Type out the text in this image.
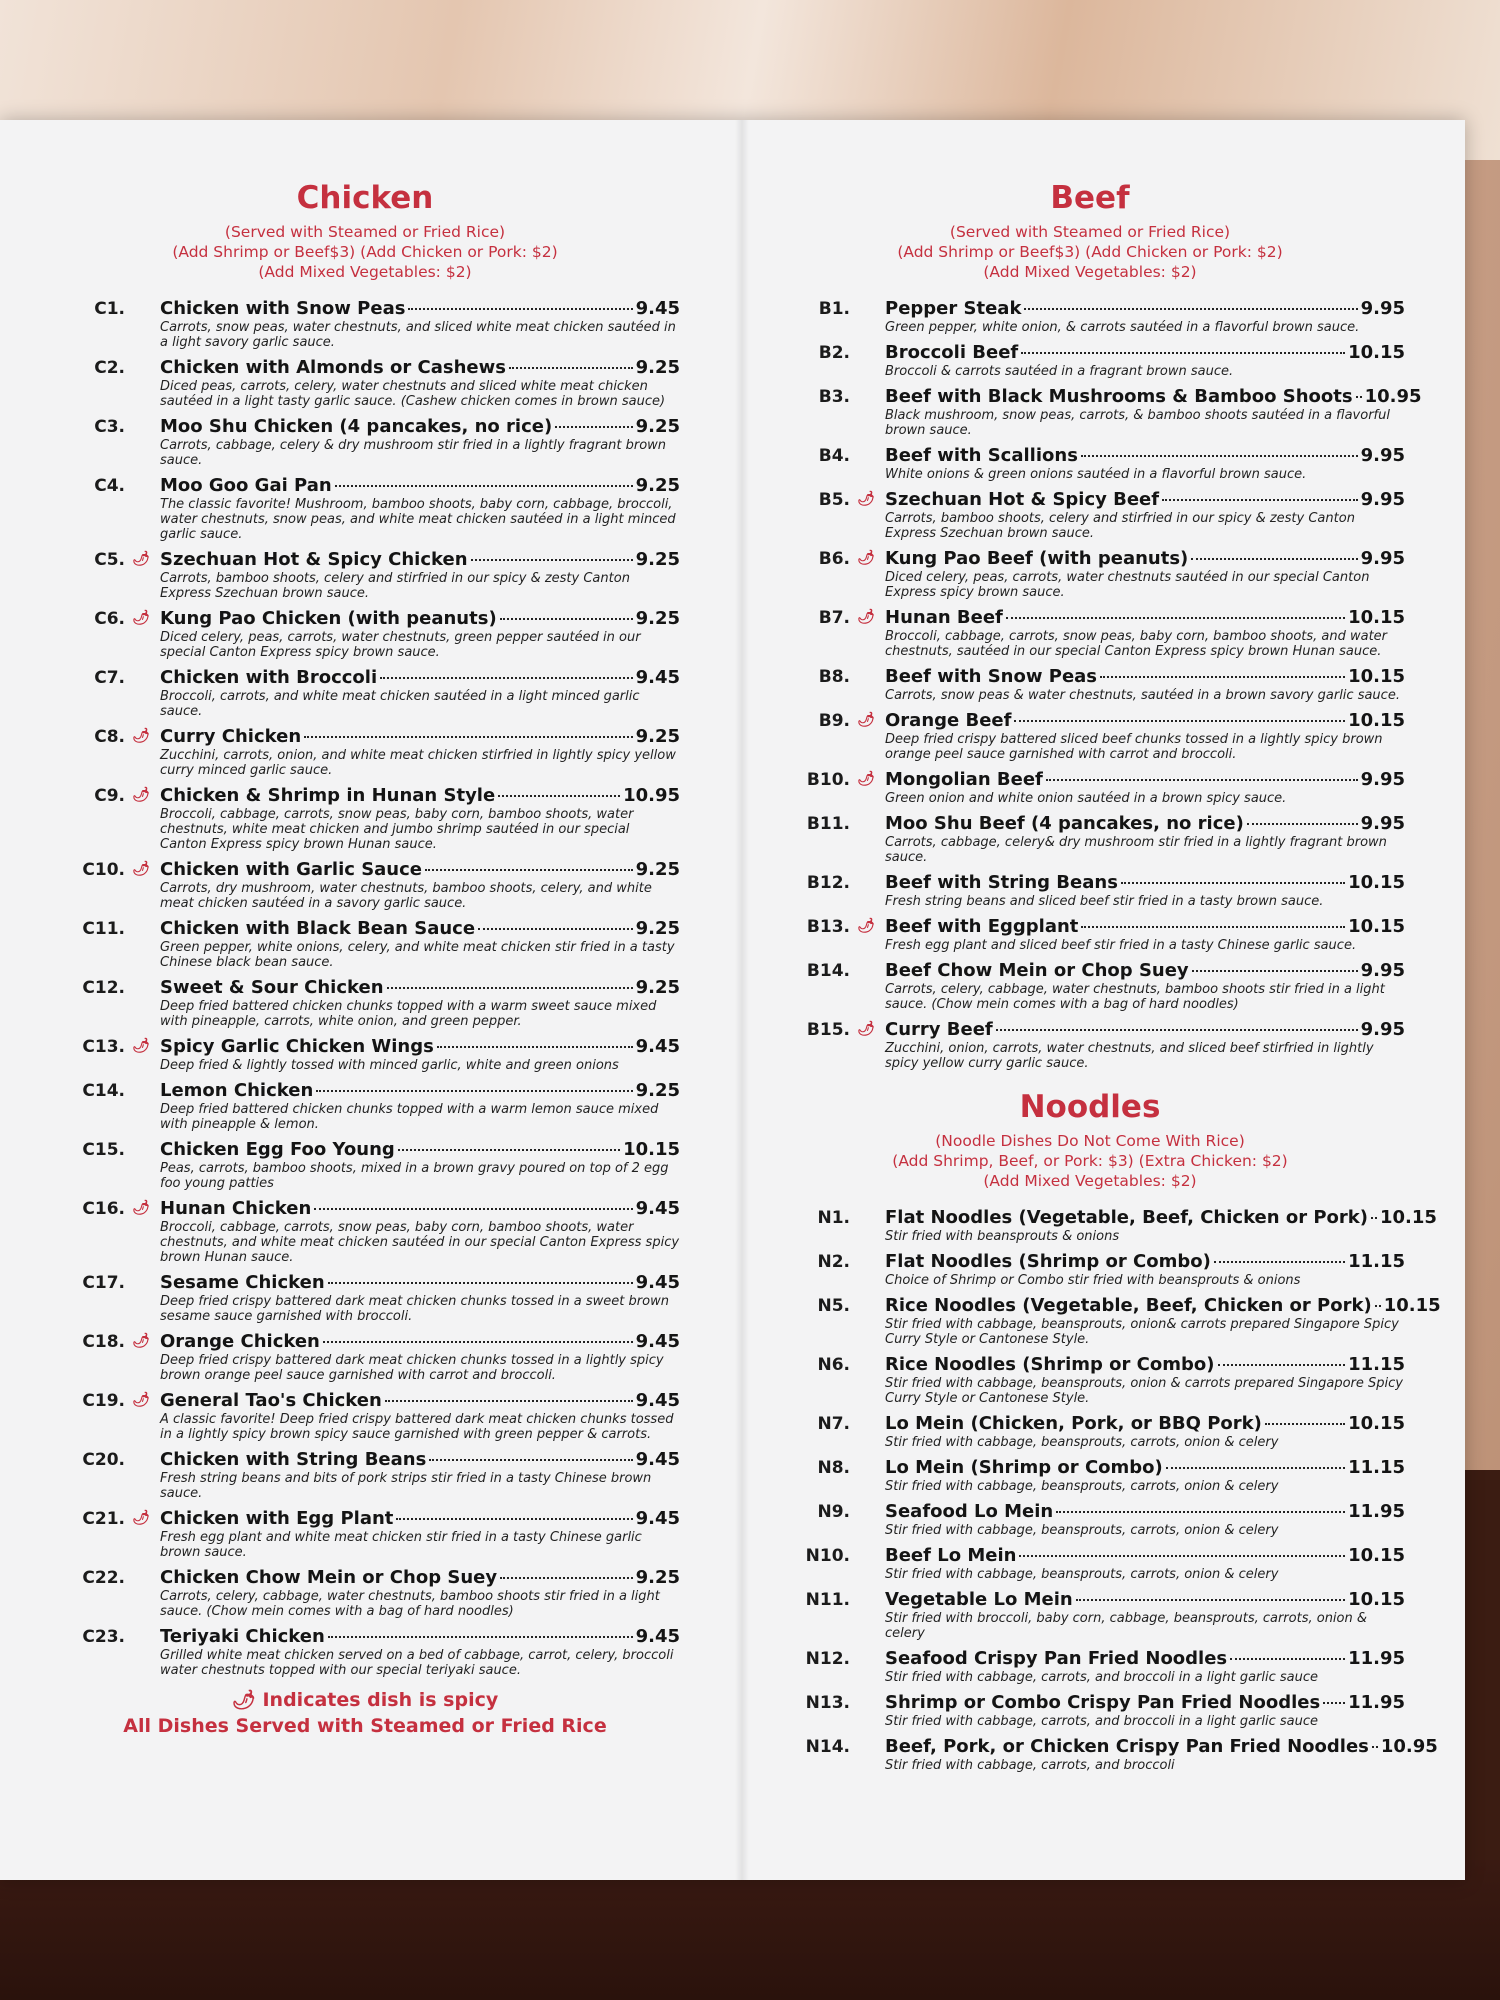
Chicken
(Served with Steamed or Fried Rice)
(Add Shrimp or Beef$3) (Add Chicken or Pork: $2)
(Add Mixed Vegetables: $2)
C1. Chicken with Snow Peas	9.45
Carrots, snow peas, water chestnuts, and sliced white meat chicken sautéed in a light savory garlic sauce.
C2. Chicken with Almonds or Cashews	9.25
Diced peas, carrots, celery, water chestnuts and sliced white meat chicken sautéed in a light tasty garlic sauce. (Cashew chicken comes in brown sauce)
C3. Moo Shu Chicken (4 pancakes, no rice)	9.25
Carrots, cabbage, celery & dry mushroom stir fried in a lightly fragrant brown sauce.
C4. Moo Goo Gai Pan	9.25
The classic favorite! Mushroom, bamboo shoots, baby corn, cabbage, broccoli, water chestnuts, snow peas, and white meat chicken sautéed in a light minced garlic sauce.
C5. 🌶 Szechuan Hot & Spicy Chicken	9.25
Carrots, bamboo shoots, celery and stirfried in our spicy & zesty Canton Express Szechuan brown sauce.
C6. 🌶 Kung Pao Chicken (with peanuts)	9.25
Diced celery, peas, carrots, water chestnuts, green pepper sautéed in our special Canton Express spicy brown sauce.
C7. Chicken with Broccoli	9.45
Broccoli, carrots, and white meat chicken sautéed in a light minced garlic sauce.
C8. 🌶 Curry Chicken	9.25
Zucchini, carrots, onion, and white meat chicken stirfried in lightly spicy yellow curry minced garlic sauce.
C9. 🌶 Chicken & Shrimp in Hunan Style	10.95
Broccoli, cabbage, carrots, snow peas, baby corn, bamboo shoots, water chestnuts, white meat chicken and jumbo shrimp sautéed in our special Canton Express spicy brown Hunan sauce.
C10. 🌶 Chicken with Garlic Sauce	9.25
Carrots, dry mushroom, water chestnuts, bamboo shoots, celery, and white meat chicken sautéed in a savory garlic sauce.
C11. Chicken with Black Bean Sauce	9.25
Green pepper, white onions, celery, and white meat chicken stir fried in a tasty Chinese black bean sauce.
C12. Sweet & Sour Chicken	9.25
Deep fried battered chicken chunks topped with a warm sweet sauce mixed with pineapple, carrots, white onion, and green pepper.
C13. 🌶 Spicy Garlic Chicken Wings	9.45
Deep fried & lightly tossed with minced garlic, white and green onions
C14. Lemon Chicken	9.25
Deep fried battered chicken chunks topped with a warm lemon sauce mixed with pineapple & lemon.
C15. Chicken Egg Foo Young	10.15
Peas, carrots, bamboo shoots, mixed in a brown gravy poured on top of 2 egg foo young patties
C16. 🌶 Hunan Chicken	9.45
Broccoli, cabbage, carrots, snow peas, baby corn, bamboo shoots, water chestnuts, and white meat chicken sautéed in our special Canton Express spicy brown Hunan sauce.
C17. Sesame Chicken	9.45
Deep fried crispy battered dark meat chicken chunks tossed in a sweet brown sesame sauce garnished with broccoli.
C18. 🌶 Orange Chicken	9.45
Deep fried crispy battered dark meat chicken chunks tossed in a lightly spicy brown orange peel sauce garnished with carrot and broccoli.
C19. 🌶 General Tao's Chicken	9.45
A classic favorite! Deep fried crispy battered dark meat chicken chunks tossed in a lightly spicy brown spicy sauce garnished with green pepper & carrots.
C20. Chicken with String Beans	9.45
Fresh string beans and bits of pork strips stir fried in a tasty Chinese brown sauce.
C21. 🌶 Chicken with Egg Plant	9.45
Fresh egg plant and white meat chicken stir fried in a tasty Chinese garlic brown sauce.
C22. Chicken Chow Mein or Chop Suey	9.25
Carrots, celery, cabbage, water chestnuts, bamboo shoots stir fried in a light sauce. (Chow mein comes with a bag of hard noodles)
C23. Teriyaki Chicken	9.45
Grilled white meat chicken served on a bed of cabbage, carrot, celery, broccoli water chestnuts topped with our special teriyaki sauce.
🌶 Indicates dish is spicy
All Dishes Served with Steamed or Fried Rice
Beef
(Served with Steamed or Fried Rice)
(Add Shrimp or Beef$3) (Add Chicken or Pork: $2)
(Add Mixed Vegetables: $2)
B1. Pepper Steak	9.95
Green pepper, white onion, & carrots sautéed in a flavorful brown sauce.
B2. Broccoli Beef	10.15
Broccoli & carrots sautéed in a fragrant brown sauce.
B3. Beef with Black Mushrooms & Bamboo Shoots 10.95
Black mushroom, snow peas, carrots, & bamboo shoots sautéed in a flavorful brown sauce.
B4. Beef with Scallions	9.95
White onions & green onions sautéed in a flavorful brown sauce.
B5. 🌶 Szechuan Hot & Spicy Beef	9.95
Carrots, bamboo shoots, celery and stirfried in our spicy & zesty Canton Express Szechuan brown sauce.
B6. 🌶 Kung Pao Beef (with peanuts)	9.95
Diced celery, peas, carrots, water chestnuts sautéed in our special Canton Express spicy brown sauce.
B7. 🌶 Hunan Beef	10.15
Broccoli, cabbage, carrots, snow peas, baby corn, bamboo shoots, and water chestnuts, sautéed in our special Canton Express spicy brown Hunan sauce.
B8. Beef with Snow Peas	10.15
Carrots, snow peas & water chestnuts, sautéed in a brown savory garlic sauce.
B9. 🌶 Orange Beef	10.15
Deep fried crispy battered sliced beef chunks tossed in a lightly spicy brown orange peel sauce garnished with carrot and broccoli.
B10. 🌶 Mongolian Beef	9.95
Green onion and white onion sautéed in a brown spicy sauce.
B11. Moo Shu Beef (4 pancakes, no rice)	9.95
Carrots, cabbage, celery& dry mushroom stir fried in a lightly fragrant brown sauce.
B12. Beef with String Beans	10.15
Fresh string beans and sliced beef stir fried in a tasty brown sauce.
B13. 🌶 Beef with Eggplant	10.15
Fresh egg plant and sliced beef stir fried in a tasty Chinese garlic sauce.
B14. Beef Chow Mein or Chop Suey	9.95
Carrots, celery, cabbage, water chestnuts, bamboo shoots stir fried in a light sauce. (Chow mein comes with a bag of hard noodles)
B15. 🌶 Curry Beef	9.95
Zucchini, onion, carrots, water chestnuts, and sliced beef stirfried in lightly spicy yellow curry garlic sauce.
Noodles
(Noodle Dishes Do Not Come With Rice)
(Add Shrimp, Beef, or Pork: $3) (Extra Chicken: $2)
(Add Mixed Vegetables: $2)
N1. Flat Noodles (Vegetable, Beef, Chicken or Pork) 10.15
Stir fried with beansprouts & onions
N2. Flat Noodles (Shrimp or Combo)	11.15
Choice of Shrimp or Combo stir fried with beansprouts & onions
N5. Rice Noodles (Vegetable, Beef, Chicken or Pork) 10.15
Stir fried with cabbage, beansprouts, onion& carrots prepared Singapore Spicy Curry Style or Cantonese Style.
N6. Rice Noodles (Shrimp or Combo)	11.15
Stir fried with cabbage, beansprouts, onion & carrots prepared Singapore Spicy Curry Style or Cantonese Style.
N7. Lo Mein (Chicken, Pork, or BBQ Pork)	10.15
Stir fried with cabbage, beansprouts, carrots, onion & celery
N8. Lo Mein (Shrimp or Combo)	11.15
Stir fried with cabbage, beansprouts, carrots, onion & celery
N9. Seafood Lo Mein	11.95
Stir fried with cabbage, beansprouts, carrots, onion & celery
N10. Beef Lo Mein	10.15
Stir fried with cabbage, beansprouts, carrots, onion & celery
N11. Vegetable Lo Mein	10.15
Stir fried with broccoli, baby corn, cabbage, beansprouts, carrots, onion & celery
N12. Seafood Crispy Pan Fried Noodles	11.95
Stir fried with cabbage, carrots, and broccoli in a light garlic sauce
N13. Shrimp or Combo Crispy Pan Fried Noodles 11.95
Stir fried with cabbage, carrots, and broccoli in a light garlic sauce
N14. Beef, Pork, or Chicken Crispy Pan Fried Noodles 10.95
Stir fried with cabbage, carrots, and broccoli
